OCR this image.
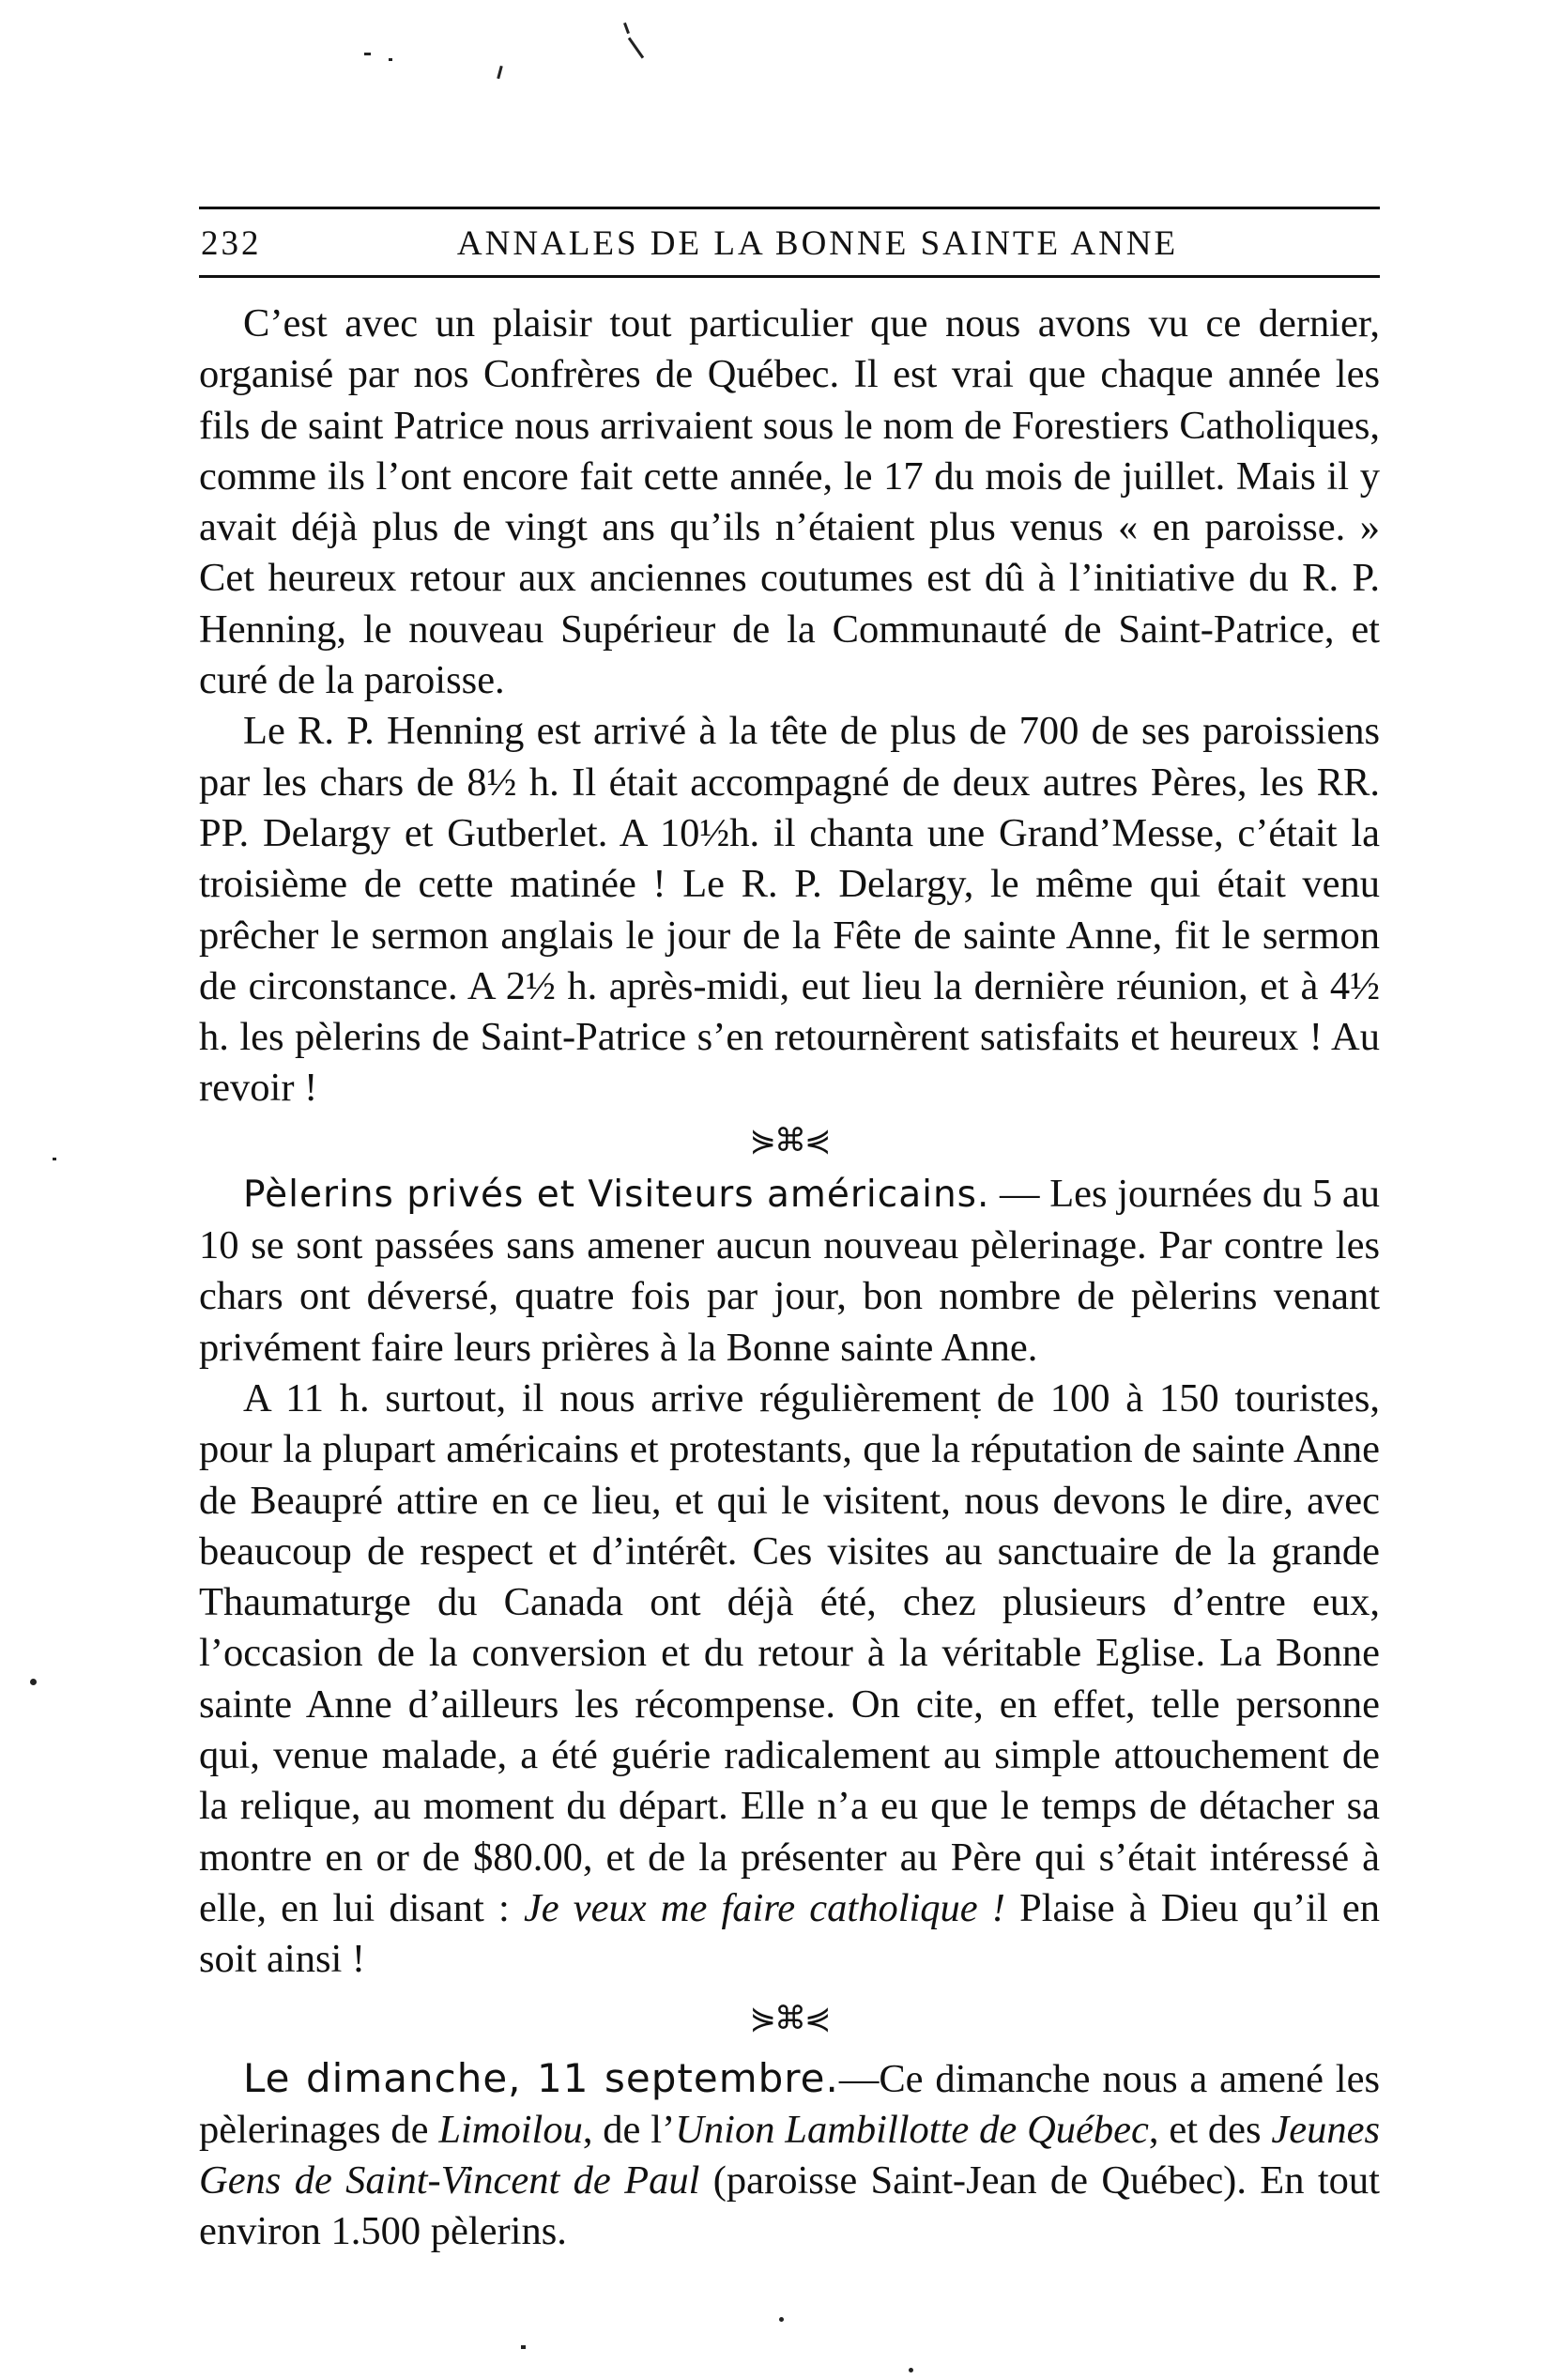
232	ANNALES DE LA BONNE SAINTE ANNE

C’est avec un plaisir tout particulier que nous avons vu ce dernier, organisé par nos Confrères de Québec. Il est vrai que chaque année les fils de saint Patrice nous arrivaient sous le nom de Forestiers Catholiques, comme ils l’ont encore fait cette année, le 17 du mois de juillet. Mais il y avait déjà plus de vingt ans qu’ils n’étaient plus venus « en paroisse. » Cet heureux retour aux anciennes coutumes est dû à l’initiative du R. P. Henning, le nouveau Supérieur de la Communauté de Saint-Patrice, et curé de la paroisse.

Le R. P. Henning est arrivé à la tête de plus de 700 de ses paroissiens par les chars de 8½ h. Il était accompagné de deux autres Pères, les RR. PP. Delargy et Gutberlet. A 10½h. il chanta une Grand’Messe, c’était la troisième de cette matinée ! Le R. P. Delargy, le même qui était venu prêcher le sermon anglais le jour de la Fête de sainte Anne, fit le sermon de circonstance. A 2½ h. après-midi, eut lieu la dernière réunion, et à 4½ h. les pèlerins de Saint-Patrice s’en retournèrent satisfaits et heureux ! Au revoir !

⋟⌘⋞

Pèlerins privés et Visiteurs américains. — Les journées du 5 au 10 se sont passées sans amener aucun nouveau pèlerinage. Par contre les chars ont déversé, quatre fois par jour, bon nombre de pèlerins venant privément faire leurs prières à la Bonne sainte Anne.

A 11 h. surtout, il nous arrive régulièrement de 100 à 150 touristes, pour la plupart américains et protestants, que la réputation de sainte Anne de Beaupré attire en ce lieu, et qui le visitent, nous devons le dire, avec beaucoup de respect et d’intérêt. Ces visites au sanctuaire de la grande Thaumaturge du Canada ont déjà été, chez plusieurs d’entre eux, l’occasion de la conversion et du retour à la véritable Eglise. La Bonne sainte Anne d’ailleurs les récompense. On cite, en effet, telle personne qui, venue malade, a été guérie radicalement au simple attouchement de la relique, au moment du départ. Elle n’a eu que le temps de détacher sa montre en or de $80.00, et de la présenter au Père qui s’était intéressé à elle, en lui disant : Je veux me faire catholique ! Plaise à Dieu qu’il en soit ainsi !

⋟⌘⋞

Le dimanche, 11 septembre.—Ce dimanche nous a amené les pèlerinages de Limoilou, de l’Union Lambillotte de Québec, et des Jeunes Gens de Saint-Vincent de Paul (paroisse Saint-Jean de Québec). En tout environ 1.500 pèlerins.
